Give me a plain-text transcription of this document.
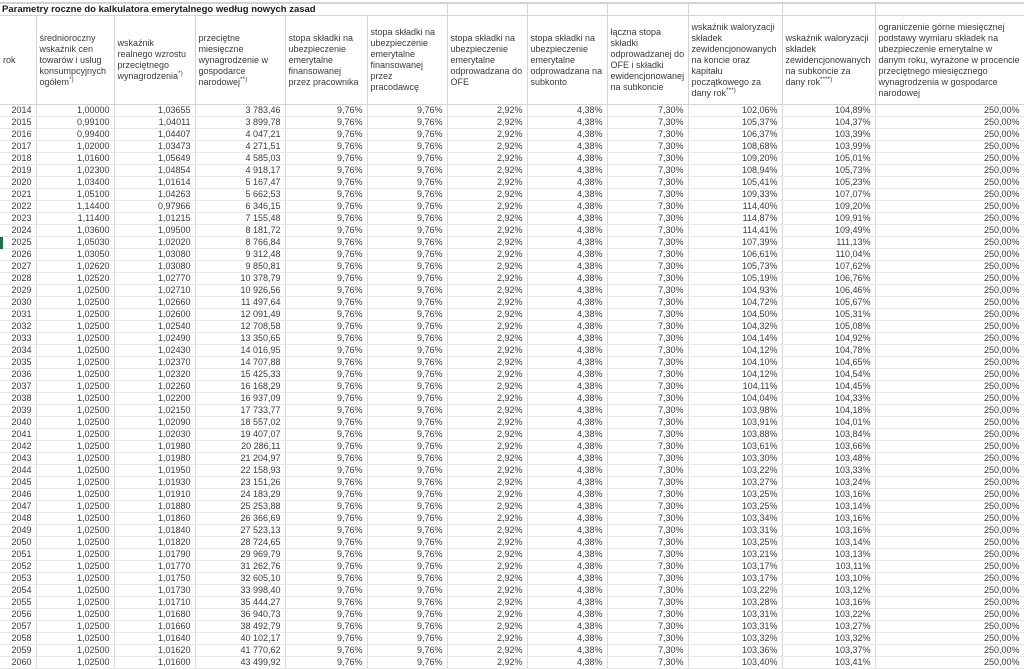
Parametry roczne do kalkulatora emerytalnego według nowych zasad											
rok	średnioroczny wskaźnik cen towarów i usług konsumpcyjnych ogółem*)	wskaźnik realnego wzrostu przeciętnego wynagrodzenia*)	przeciętne miesięczne wynagrodzenie w gospodarce narodowej**)	stopa składki na ubezpieczenie emerytalne finansowanej przez pracownika	stopa składki na ubezpieczenie emerytalne finansowanej przez pracodawcę	stopa składki na ubezpieczenie emerytalne odprowadzana do OFE	stopa składki na ubezpieczenie emerytalne odprowadzana na subkonto	łączna stopa składki odprowadzanej do OFE i składki ewidencjonowanej na subkoncie	wskaźnik waloryzacji składek zewidencjonowanych na koncie oraz kapitału początkowego za dany rok***)	wskaźnik waloryzacji składek zewidencjonowanych na subkoncie za dany rok****)	ograniczenie górne miesięcznej podstawy wymiaru składek na ubezpieczenie emerytalne w danym roku, wyrażone w procencie przeciętnego miesięcznego wynagrodzenia w gospodarce narodowej
2014	1,00000	1,03655	3 783,46	9,76%	9,76%	2,92%	4,38%	7,30%	102,06%	104,89%	250,00%
2015	0,99100	1,04011	3 899,78	9,76%	9,76%	2,92%	4,38%	7,30%	105,37%	104,37%	250,00%
2016	0,99400	1,04407	4 047,21	9,76%	9,76%	2,92%	4,38%	7,30%	106,37%	103,39%	250,00%
2017	1,02000	1,03473	4 271,51	9,76%	9,76%	2,92%	4,38%	7,30%	108,68%	103,99%	250,00%
2018	1,01600	1,05649	4 585,03	9,76%	9,76%	2,92%	4,38%	7,30%	109,20%	105,01%	250,00%
2019	1,02300	1,04854	4 918,17	9,76%	9,76%	2,92%	4,38%	7,30%	108,94%	105,73%	250,00%
2020	1,03400	1,01614	5 167,47	9,76%	9,76%	2,92%	4,38%	7,30%	105,41%	105,23%	250,00%
2021	1,05100	1,04263	5 662,53	9,76%	9,76%	2,92%	4,38%	7,30%	109,33%	107,07%	250,00%
2022	1,14400	0,97966	6 346,15	9,76%	9,76%	2,92%	4,38%	7,30%	114,40%	109,20%	250,00%
2023	1,11400	1,01215	7 155,48	9,76%	9,76%	2,92%	4,38%	7,30%	114,87%	109,91%	250,00%
2024	1,03600	1,09500	8 181,72	9,76%	9,76%	2,92%	4,38%	7,30%	114,41%	109,49%	250,00%
2025	1,05030	1,02020	8 766,84	9,76%	9,76%	2,92%	4,38%	7,30%	107,39%	111,13%	250,00%
2026	1,03050	1,03080	9 312,48	9,76%	9,76%	2,92%	4,38%	7,30%	106,61%	110,04%	250,00%
2027	1,02620	1,03080	9 850,81	9,76%	9,76%	2,92%	4,38%	7,30%	105,73%	107,62%	250,00%
2028	1,02520	1,02770	10 378,79	9,76%	9,76%	2,92%	4,38%	7,30%	105,19%	106,76%	250,00%
2029	1,02500	1,02710	10 926,56	9,76%	9,76%	2,92%	4,38%	7,30%	104,93%	106,46%	250,00%
2030	1,02500	1,02660	11 497,64	9,76%	9,76%	2,92%	4,38%	7,30%	104,72%	105,67%	250,00%
2031	1,02500	1,02600	12 091,49	9,76%	9,76%	2,92%	4,38%	7,30%	104,50%	105,31%	250,00%
2032	1,02500	1,02540	12 708,58	9,76%	9,76%	2,92%	4,38%	7,30%	104,32%	105,08%	250,00%
2033	1,02500	1,02490	13 350,65	9,76%	9,76%	2,92%	4,38%	7,30%	104,14%	104,92%	250,00%
2034	1,02500	1,02430	14 016,95	9,76%	9,76%	2,92%	4,38%	7,30%	104,12%	104,78%	250,00%
2035	1,02500	1,02370	14 707,88	9,76%	9,76%	2,92%	4,38%	7,30%	104,10%	104,65%	250,00%
2036	1,02500	1,02320	15 425,33	9,76%	9,76%	2,92%	4,38%	7,30%	104,12%	104,54%	250,00%
2037	1,02500	1,02260	16 168,29	9,76%	9,76%	2,92%	4,38%	7,30%	104,11%	104,45%	250,00%
2038	1,02500	1,02200	16 937,09	9,76%	9,76%	2,92%	4,38%	7,30%	104,04%	104,33%	250,00%
2039	1,02500	1,02150	17 733,77	9,76%	9,76%	2,92%	4,38%	7,30%	103,98%	104,18%	250,00%
2040	1,02500	1,02090	18 557,02	9,76%	9,76%	2,92%	4,38%	7,30%	103,91%	104,01%	250,00%
2041	1,02500	1,02030	19 407,07	9,76%	9,76%	2,92%	4,38%	7,30%	103,88%	103,84%	250,00%
2042	1,02500	1,01980	20 286,11	9,76%	9,76%	2,92%	4,38%	7,30%	103,61%	103,66%	250,00%
2043	1,02500	1,01980	21 204,97	9,76%	9,76%	2,92%	4,38%	7,30%	103,30%	103,48%	250,00%
2044	1,02500	1,01950	22 158,93	9,76%	9,76%	2,92%	4,38%	7,30%	103,22%	103,33%	250,00%
2045	1,02500	1,01930	23 151,26	9,76%	9,76%	2,92%	4,38%	7,30%	103,27%	103,24%	250,00%
2046	1,02500	1,01910	24 183,29	9,76%	9,76%	2,92%	4,38%	7,30%	103,25%	103,16%	250,00%
2047	1,02500	1,01880	25 253,88	9,76%	9,76%	2,92%	4,38%	7,30%	103,25%	103,14%	250,00%
2048	1,02500	1,01860	26 366,69	9,76%	9,76%	2,92%	4,38%	7,30%	103,34%	103,16%	250,00%
2049	1,02500	1,01840	27 523,13	9,76%	9,76%	2,92%	4,38%	7,30%	103,31%	103,16%	250,00%
2050	1,02500	1,01820	28 724,65	9,76%	9,76%	2,92%	4,38%	7,30%	103,25%	103,14%	250,00%
2051	1,02500	1,01790	29 969,79	9,76%	9,76%	2,92%	4,38%	7,30%	103,21%	103,13%	250,00%
2052	1,02500	1,01770	31 262,76	9,76%	9,76%	2,92%	4,38%	7,30%	103,17%	103,11%	250,00%
2053	1,02500	1,01750	32 605,10	9,76%	9,76%	2,92%	4,38%	7,30%	103,17%	103,10%	250,00%
2054	1,02500	1,01730	33 998,40	9,76%	9,76%	2,92%	4,38%	7,30%	103,22%	103,12%	250,00%
2055	1,02500	1,01710	35 444,27	9,76%	9,76%	2,92%	4,38%	7,30%	103,28%	103,16%	250,00%
2056	1,02500	1,01680	36 940,73	9,76%	9,76%	2,92%	4,38%	7,30%	103,31%	103,22%	250,00%
2057	1,02500	1,01660	38 492,79	9,76%	9,76%	2,92%	4,38%	7,30%	103,31%	103,27%	250,00%
2058	1,02500	1,01640	40 102,17	9,76%	9,76%	2,92%	4,38%	7,30%	103,32%	103,32%	250,00%
2059	1,02500	1,01620	41 770,62	9,76%	9,76%	2,92%	4,38%	7,30%	103,36%	103,37%	250,00%
2060	1,02500	1,01600	43 499,92	9,76%	9,76%	2,92%	4,38%	7,30%	103,40%	103,41%	250,00%
